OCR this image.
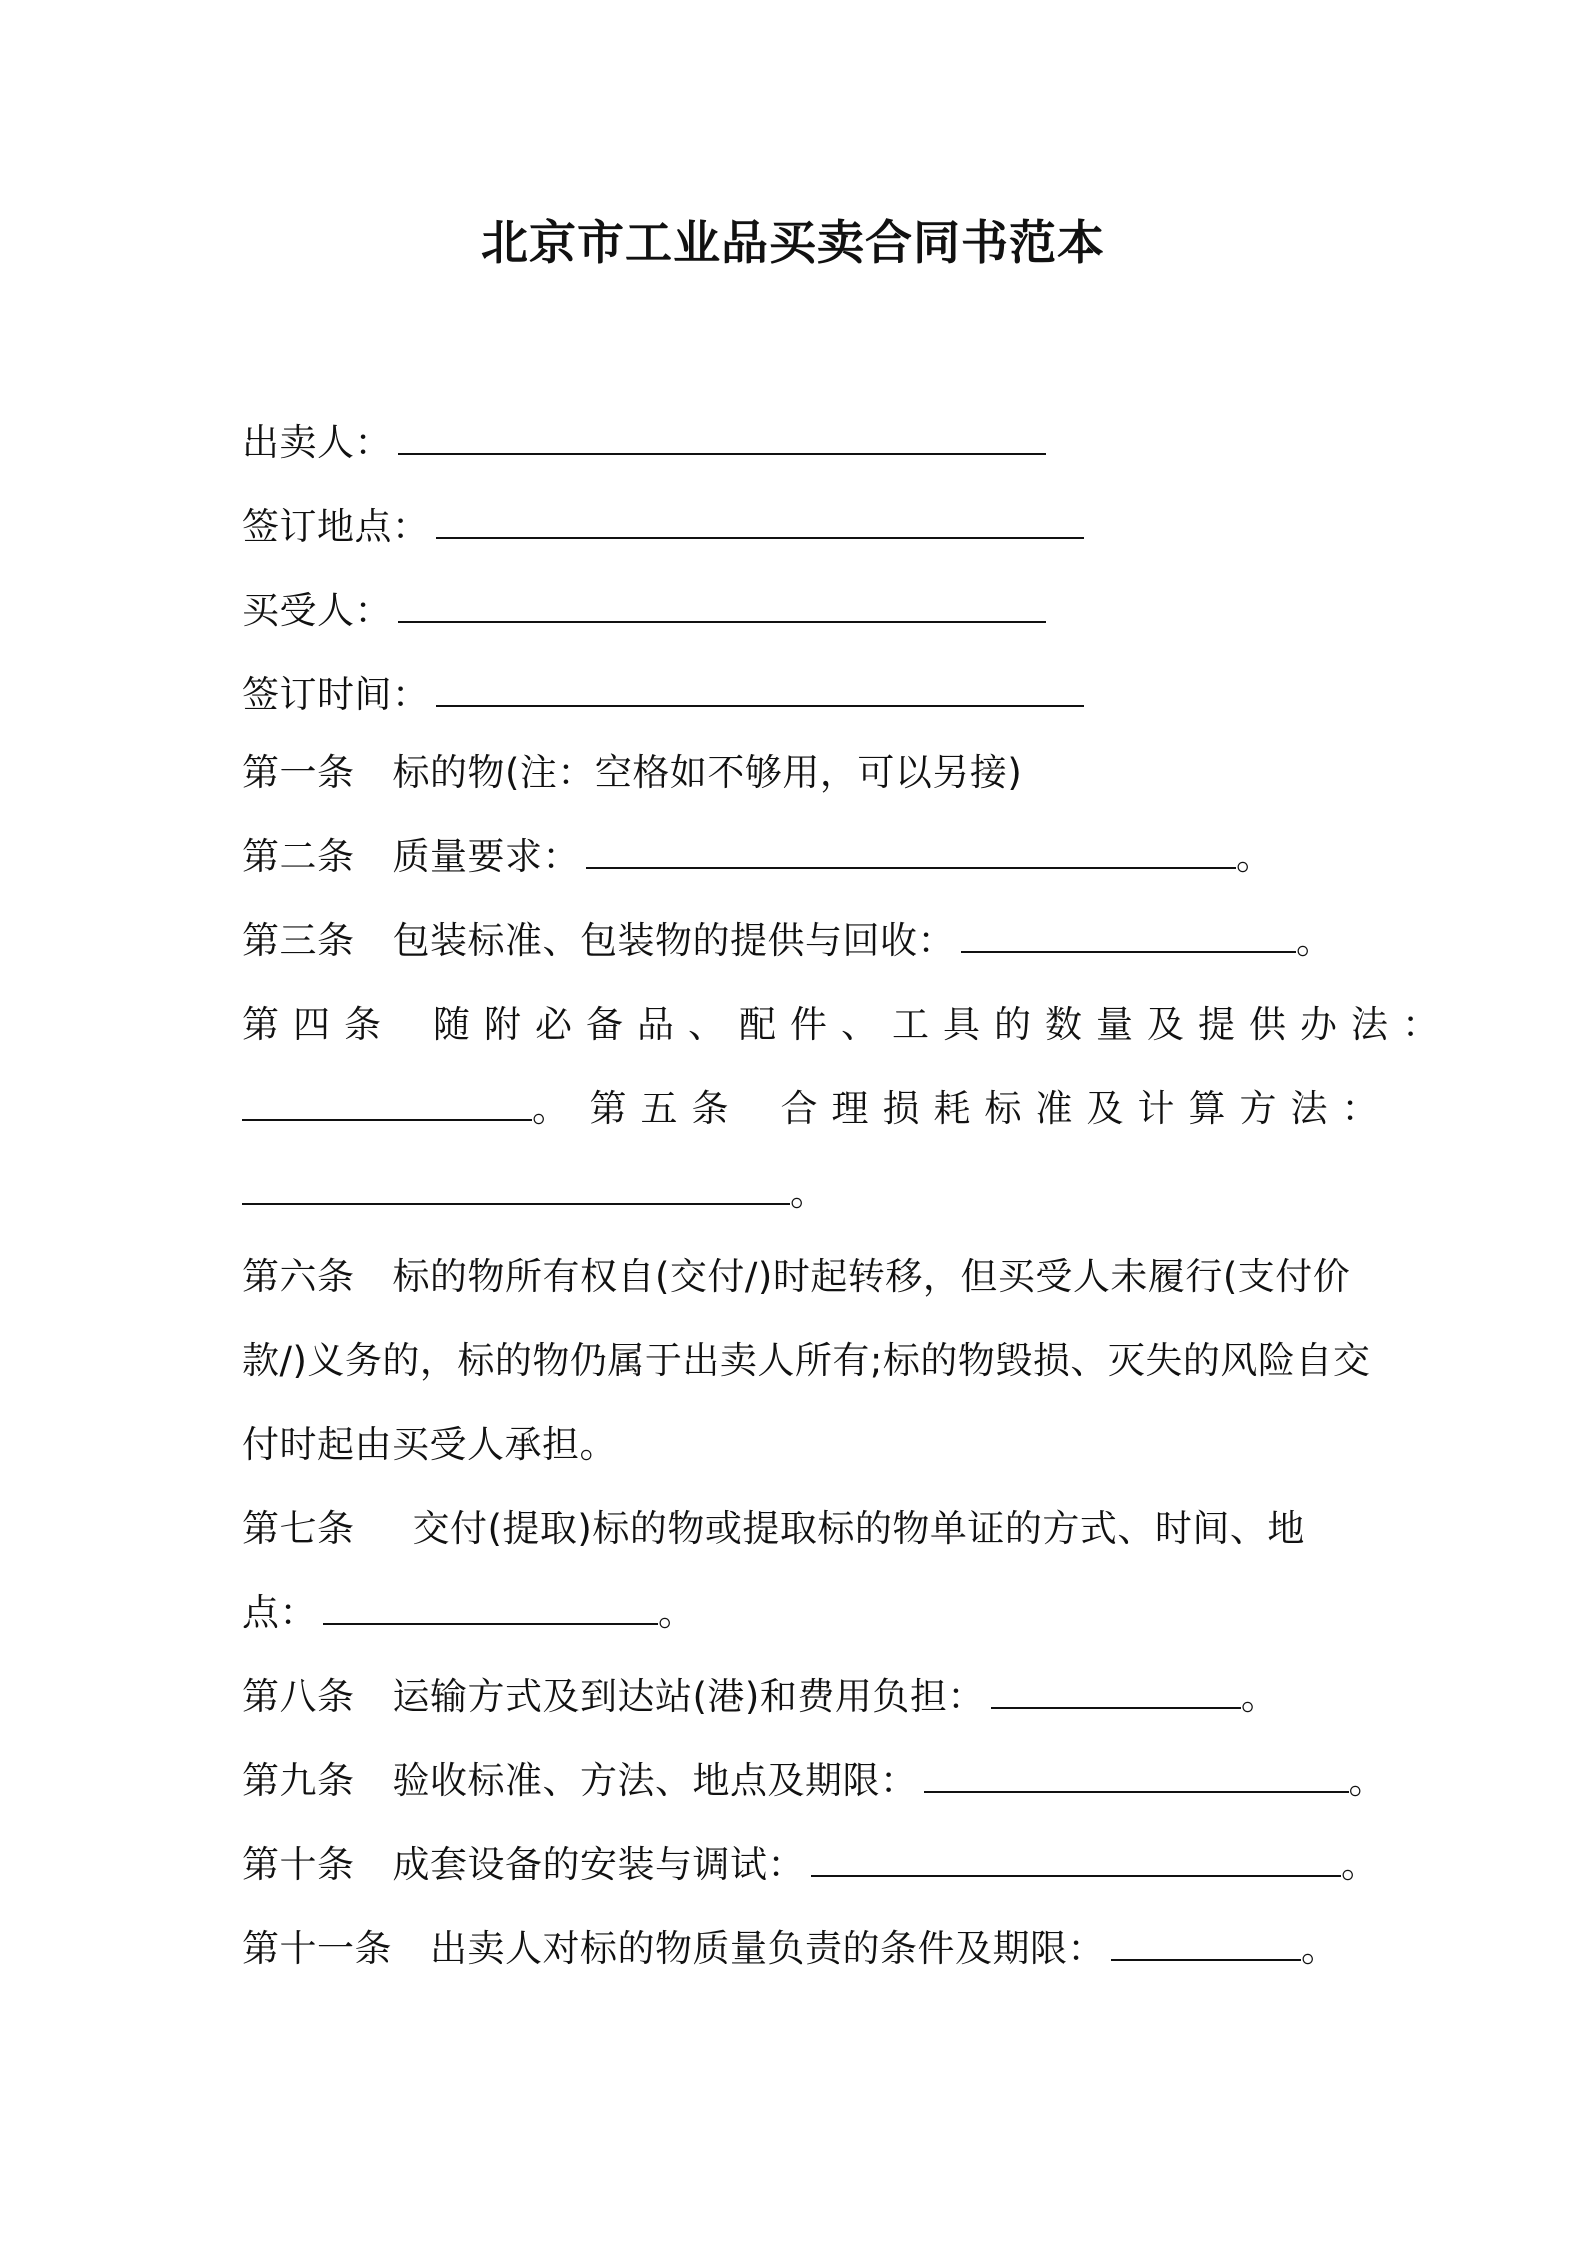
北京市工业品买卖合同书范本
出卖人：
签订地点：
买受人：
签订时间：
第一条 标的物(注：空格如不够用，可以另接)
第二条 质量要求：	。
第三条 包装标准、包装物的提供与回收：	。
第四条 随附必备品、配件、工具的数量及提供办法：
。 第五条 合理损耗标准及计算方法：
。
第六条 标的物所有权自(交付/)时起转移，但买受人未履行(支付价
款/)义务的，标的物仍属于出卖人所有;标的物毁损、灭失的风险自交
付时起由买受人承担。
第七条 交付(提取)标的物或提取标的物单证的方式、时间、地
点：	。
第八条 运输方式及到达站(港)和费用负担：	。
第九条 验收标准、方法、地点及期限：	。
第十条 成套设备的安装与调试：	。
第十一条 出卖人对标的物质量负责的条件及期限：	。
